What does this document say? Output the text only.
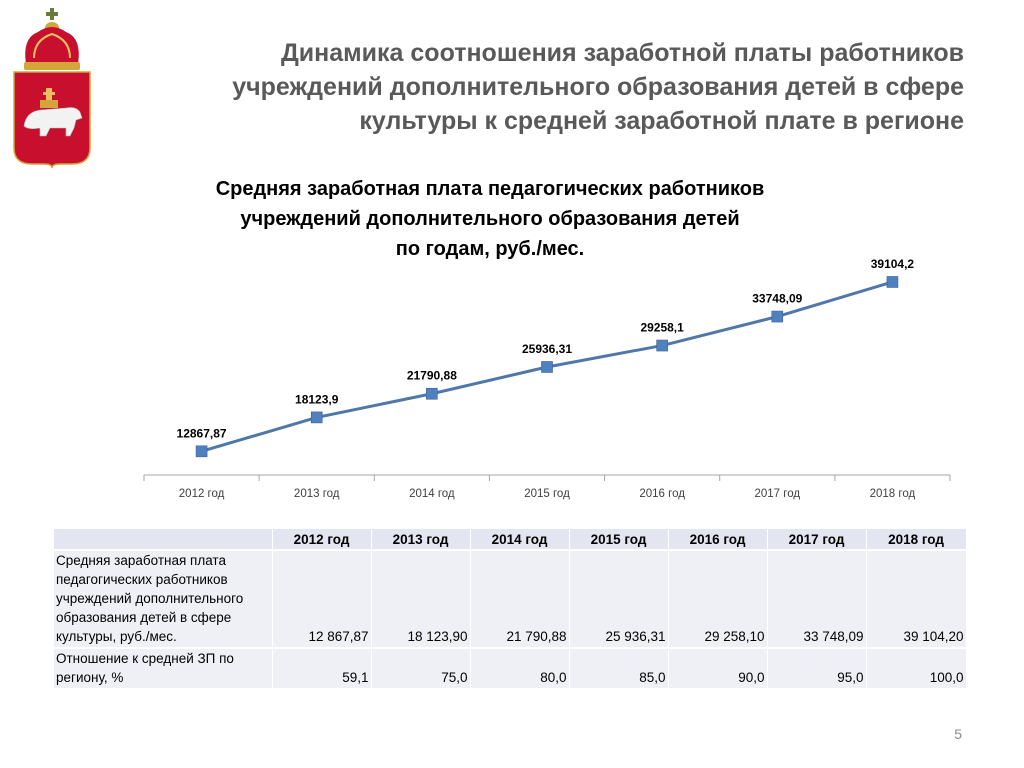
Динамика соотношения заработной платы работников
учреждений дополнительного образования детей в сфере
культуры к средней заработной плате в регионе
Средняя заработная плата педагогических работников
учреждений дополнительного образования детей
по годам, руб./мес.
2012 год	2013 год	2014 год	2015 год	2016 год	2017 год	2018 год
12867,87
18123,9
21790,88
25936,31
29258,1
33748,09
39104,2
	2012 год	2013 год	2014 год	2015 год	2016 год	2017 год	2018 год
Средняя заработная плата педагогических работников учреждений дополнительного образования детей в сфере культуры, руб./мес.	12 867,87	18 123,90	21 790,88	25 936,31	29 258,10	33 748,09	39 104,20
Отношение к средней ЗП по региону, %	59,1	75,0	80,0	85,0	90,0	95,0	100,0
5
